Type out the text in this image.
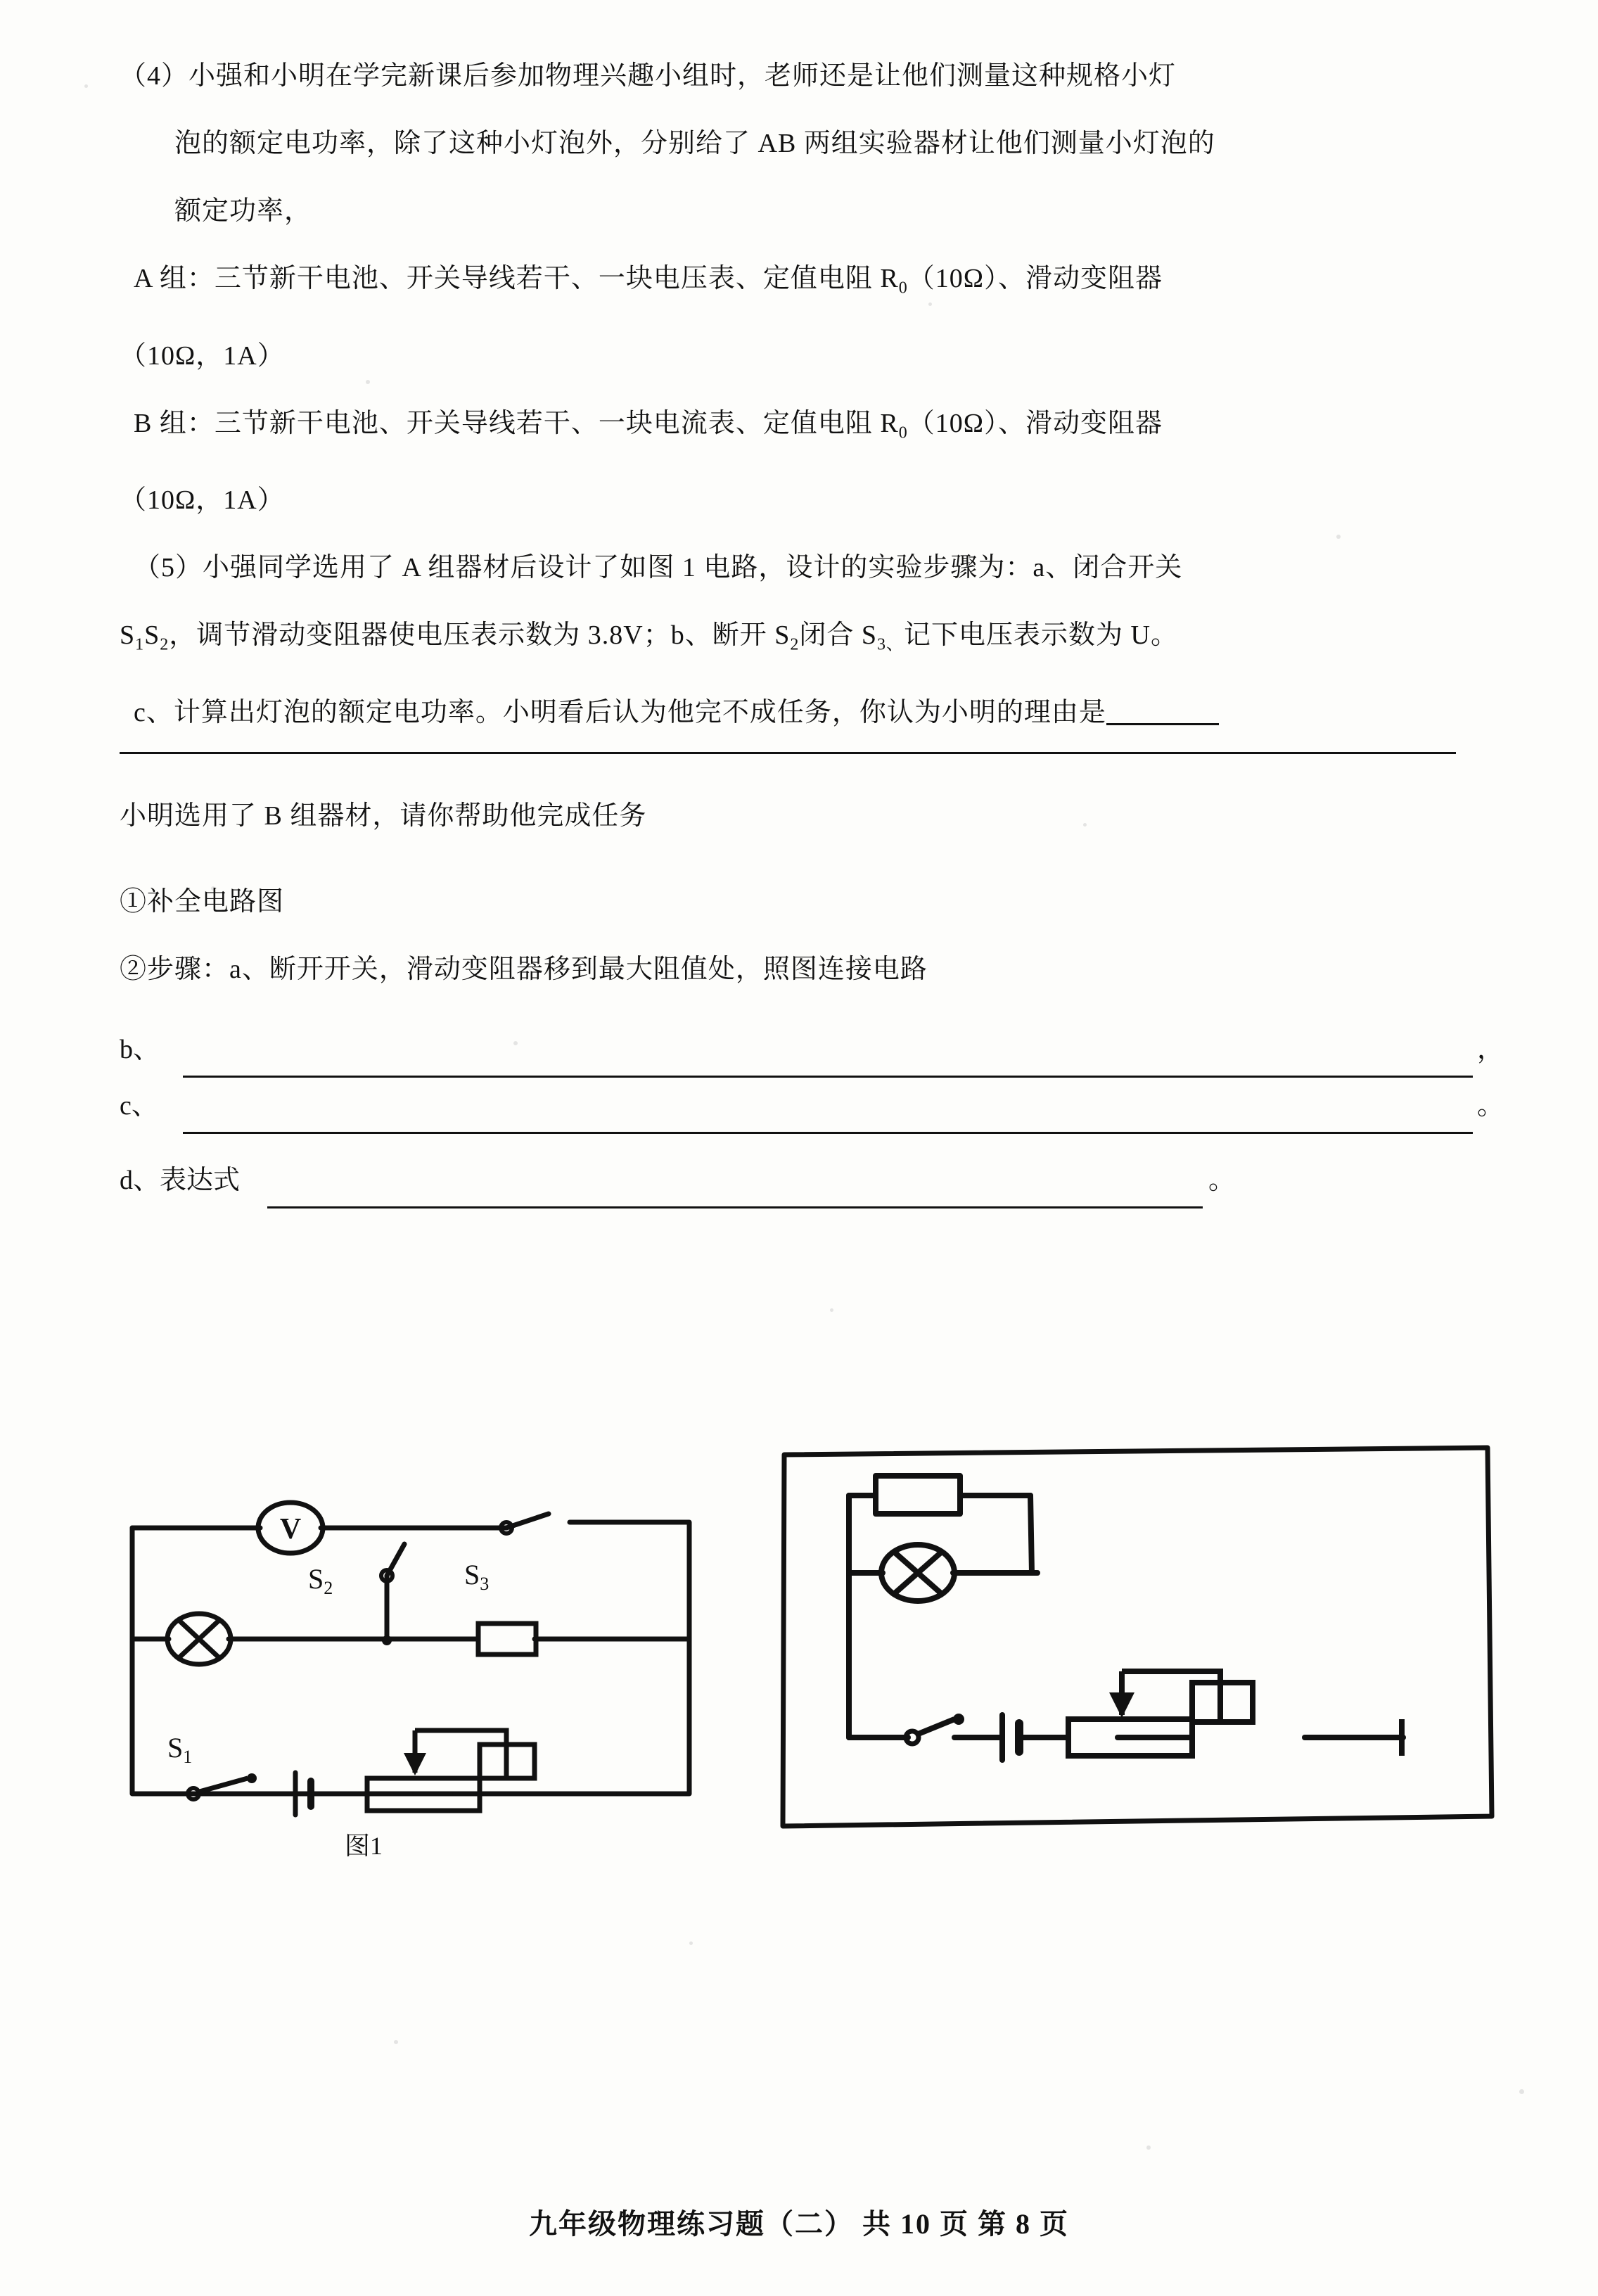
（4）小强和小明在学完新课后参加物理兴趣小组时，老师还是让他们测量这种规格小灯
泡的额定电功率，除了这种小灯泡外，分别给了 AB 两组实验器材让他们测量小灯泡的
额定功率，
A 组：三节新干电池、开关导线若干、一块电压表、定值电阻 $R_0(10\Omega)$、滑动变阻器
（10Ω，1A）
B 组：三节新干电池、开关导线若干、一块电流表、定值电阻 $R_0(10\Omega)$、滑动变阻器
（10Ω，1A）
（5）小强同学选用了 A 组器材后设计了如图 1 电路，设计的实验步骤为：a、闭合开关
$S_1S_2$，调节滑动变阻器使电压表示数为 3.8V；b、断开 $S_2$闭合 $S_{3、}$记下电压表示数为 U。
c、计算出灯泡的额定电功率。小明看后认为他完不成任务，你认为小明的理由是
小明选用了 B 组器材，请你帮助他完成任务
①补全电路图
②步骤：a、断开开关，滑动变阻器移到最大阻值处，照图连接电路
b、	，
c、	。
d、表达式	。
V
$S_2$	$S_3$
$S_1$
图1
九年级物理练习题（二） 共 10 页 第 8 页
